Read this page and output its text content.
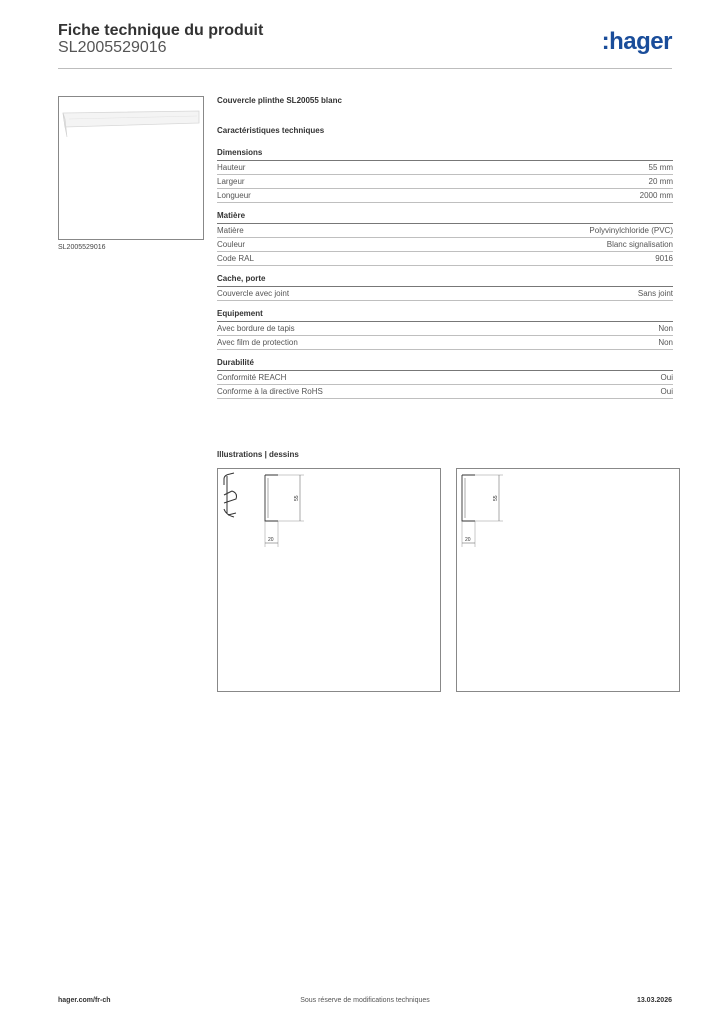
Fiche technique du produit
SL2005529016	:hager
SL2005529016
Couvercle plinthe SL20055 blanc
Caractéristiques techniques
Dimensions
Hauteur	55 mm
Largeur	20 mm
Longueur	2000 mm
Matière
Matière	Polyvinylchloride (PVC)
Couleur	Blanc signalisation
Code RAL	9016
Cache, porte
Couvercle avec joint	Sans joint
Equipement
Avec bordure de tapis	Non
Avec film de protection	Non
Durabilité
Conformité REACH	Oui
Conforme à la directive RoHS	Oui
Illustrations | dessins
55
20
55
20
Sous réserve de modifications techniques
hager.com/fr-ch	13.03.2026
